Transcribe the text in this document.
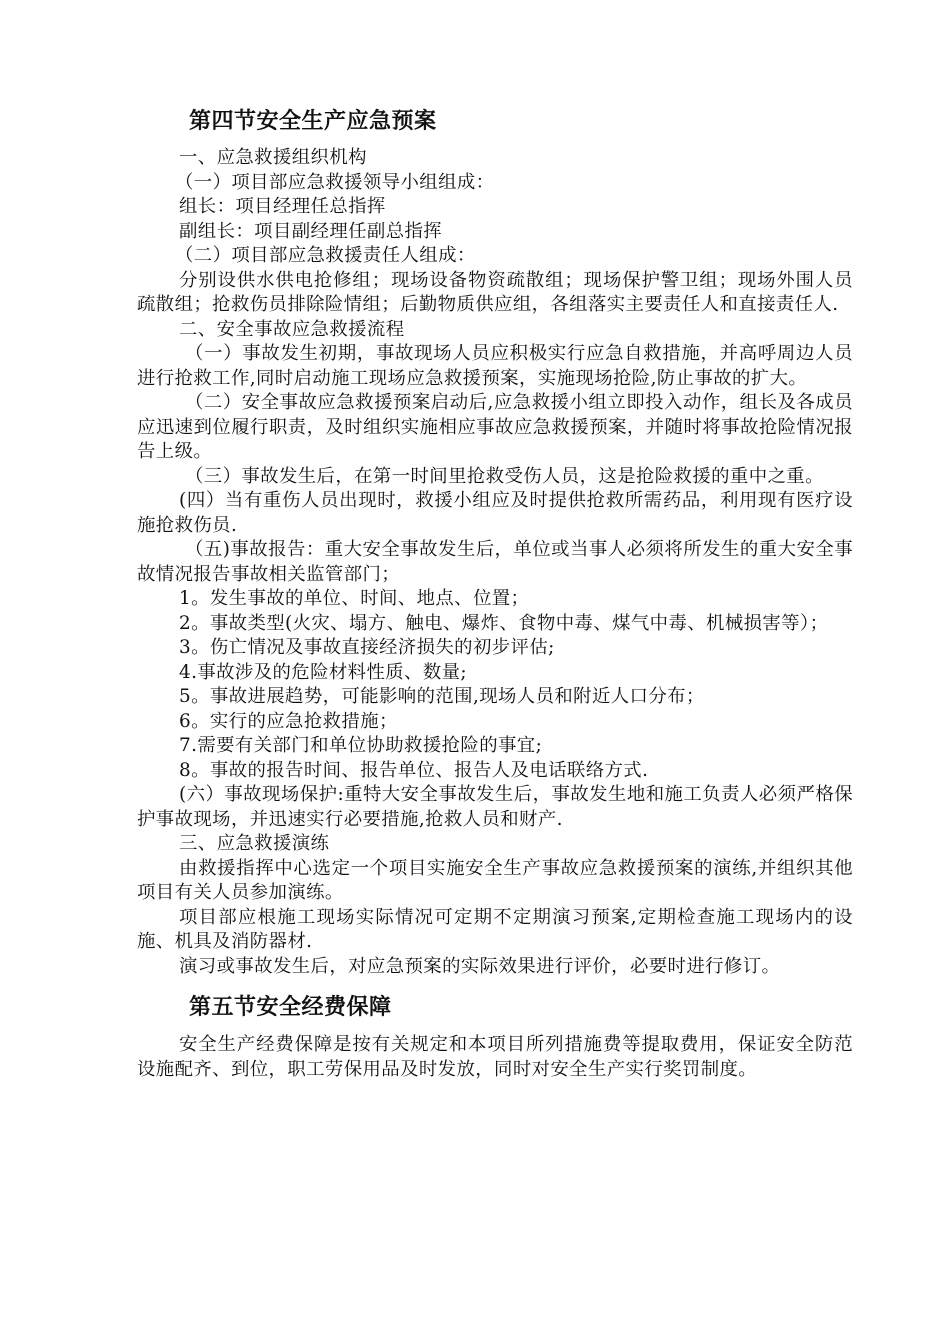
第四节安全生产应急预案
一、应急救援组织机构
（一）项目部应急救援领导小组组成：
组长：项目经理任总指挥
副组长：项目副经理任副总指挥
（二）项目部应急救援责任人组成：
分别设供水供电抢修组；现场设备物资疏散组；现场保护警卫组；现场外围人员疏散组；抢救伤员排除险情组；后勤物质供应组，各组落实主要责任人和直接责任人.
二、安全事故应急救援流程
（一）事故发生初期，事故现场人员应积极实行应急自救措施，并高呼周边人员进行抢救工作,同时启动施工现场应急救援预案，实施现场抢险,防止事故的扩大。
（二）安全事故应急救援预案启动后,应急救援小组立即投入动作，组长及各成员应迅速到位履行职责，及时组织实施相应事故应急救援预案，并随时将事故抢险情况报告上级。
（三）事故发生后，在第一时间里抢救受伤人员，这是抢险救援的重中之重。
(四）当有重伤人员出现时，救援小组应及时提供抢救所需药品，利用现有医疗设施抢救伤员.
（五)事故报告：重大安全事故发生后，单位或当事人必须将所发生的重大安全事故情况报告事故相关监管部门；
1。发生事故的单位、时间、地点、位置；
2。事故类型(火灾、塌方、触电、爆炸、食物中毒、煤气中毒、机械损害等）；
3。伤亡情况及事故直接经济损失的初步评估;
4.事故涉及的危险材料性质、数量;
5。事故进展趋势，可能影响的范围,现场人员和附近人口分布；
6。实行的应急抢救措施；
7.需要有关部门和单位协助救援抢险的事宜;
8。事故的报告时间、报告单位、报告人及电话联络方式.
(六）事故现场保护:重特大安全事故发生后，事故发生地和施工负责人必须严格保护事故现场，并迅速实行必要措施,抢救人员和财产.
三、应急救援演练
由救援指挥中心选定一个项目实施安全生产事故应急救援预案的演练,并组织其他项目有关人员参加演练。
项目部应根施工现场实际情况可定期不定期演习预案,定期检查施工现场内的设施、机具及消防器材.
演习或事故发生后，对应急预案的实际效果进行评价，必要时进行修订。
第五节安全经费保障
安全生产经费保障是按有关规定和本项目所列措施费等提取费用，保证安全防范设施配齐、到位，职工劳保用品及时发放，同时对安全生产实行奖罚制度。
